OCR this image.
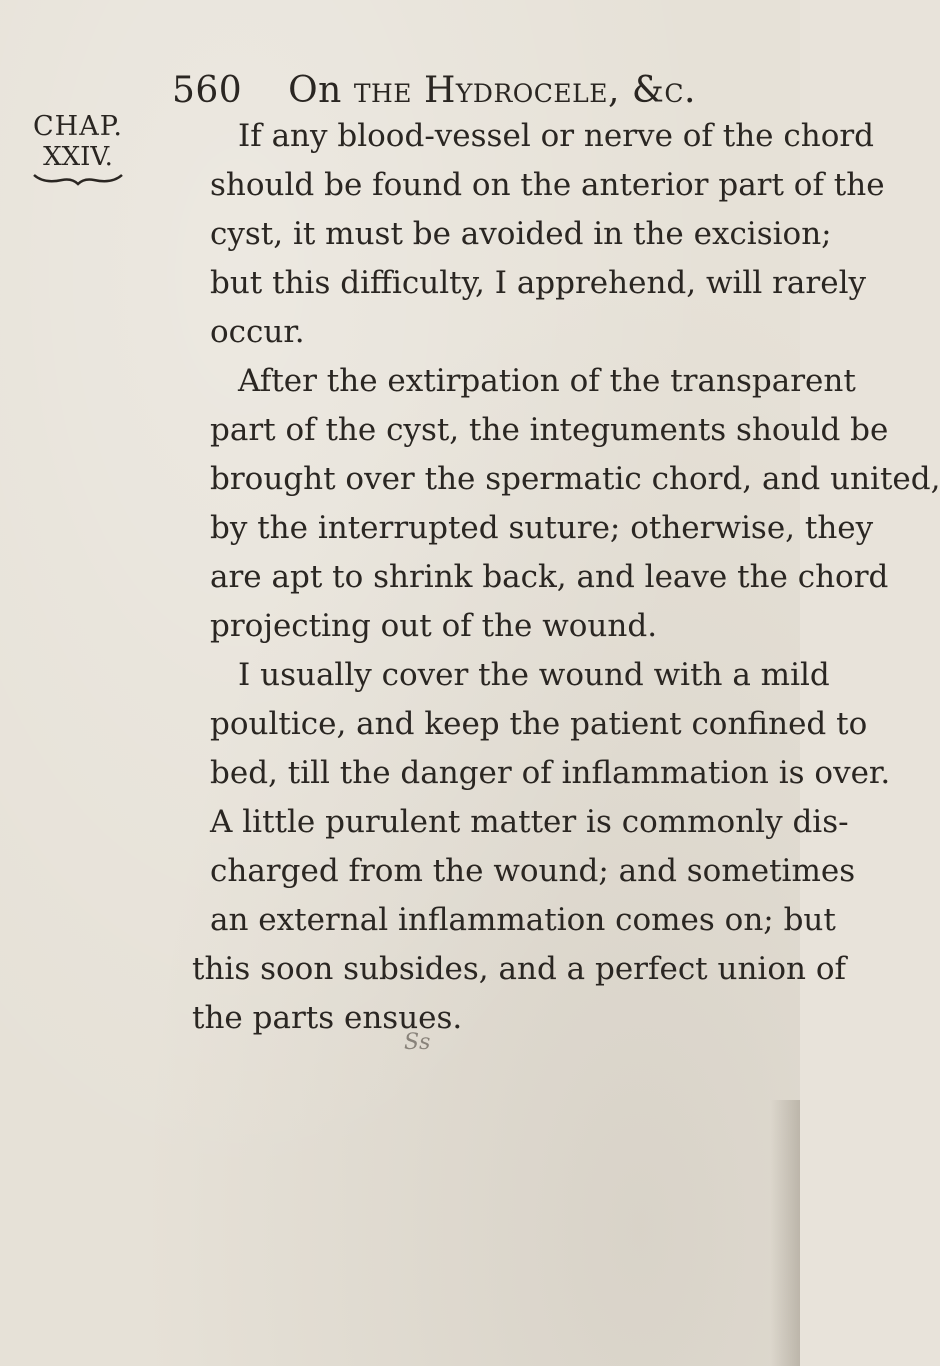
560 On the Hydrocele, &c.
CHAP.
XXIV.

If any blood-vessel or nerve of the chord
should be found on the anterior part of the
cyst, it must be avoided in the excision;
but this difficulty, I apprehend, will rarely
occur.

After the extirpation of the transparent
part of the cyst, the integuments should be
brought over the spermatic chord, and united,
by the interrupted suture; otherwise, they
are apt to shrink back, and leave the chord
projecting out of the wound.

I usually cover the wound with a mild
poultice, and keep the patient confined to
bed, till the danger of inflammation is over.
A little purulent matter is commonly dis-
charged from the wound; and sometimes
an external inflammation comes on; but
this soon subsides, and a perfect union of
the parts ensues.

Ss
